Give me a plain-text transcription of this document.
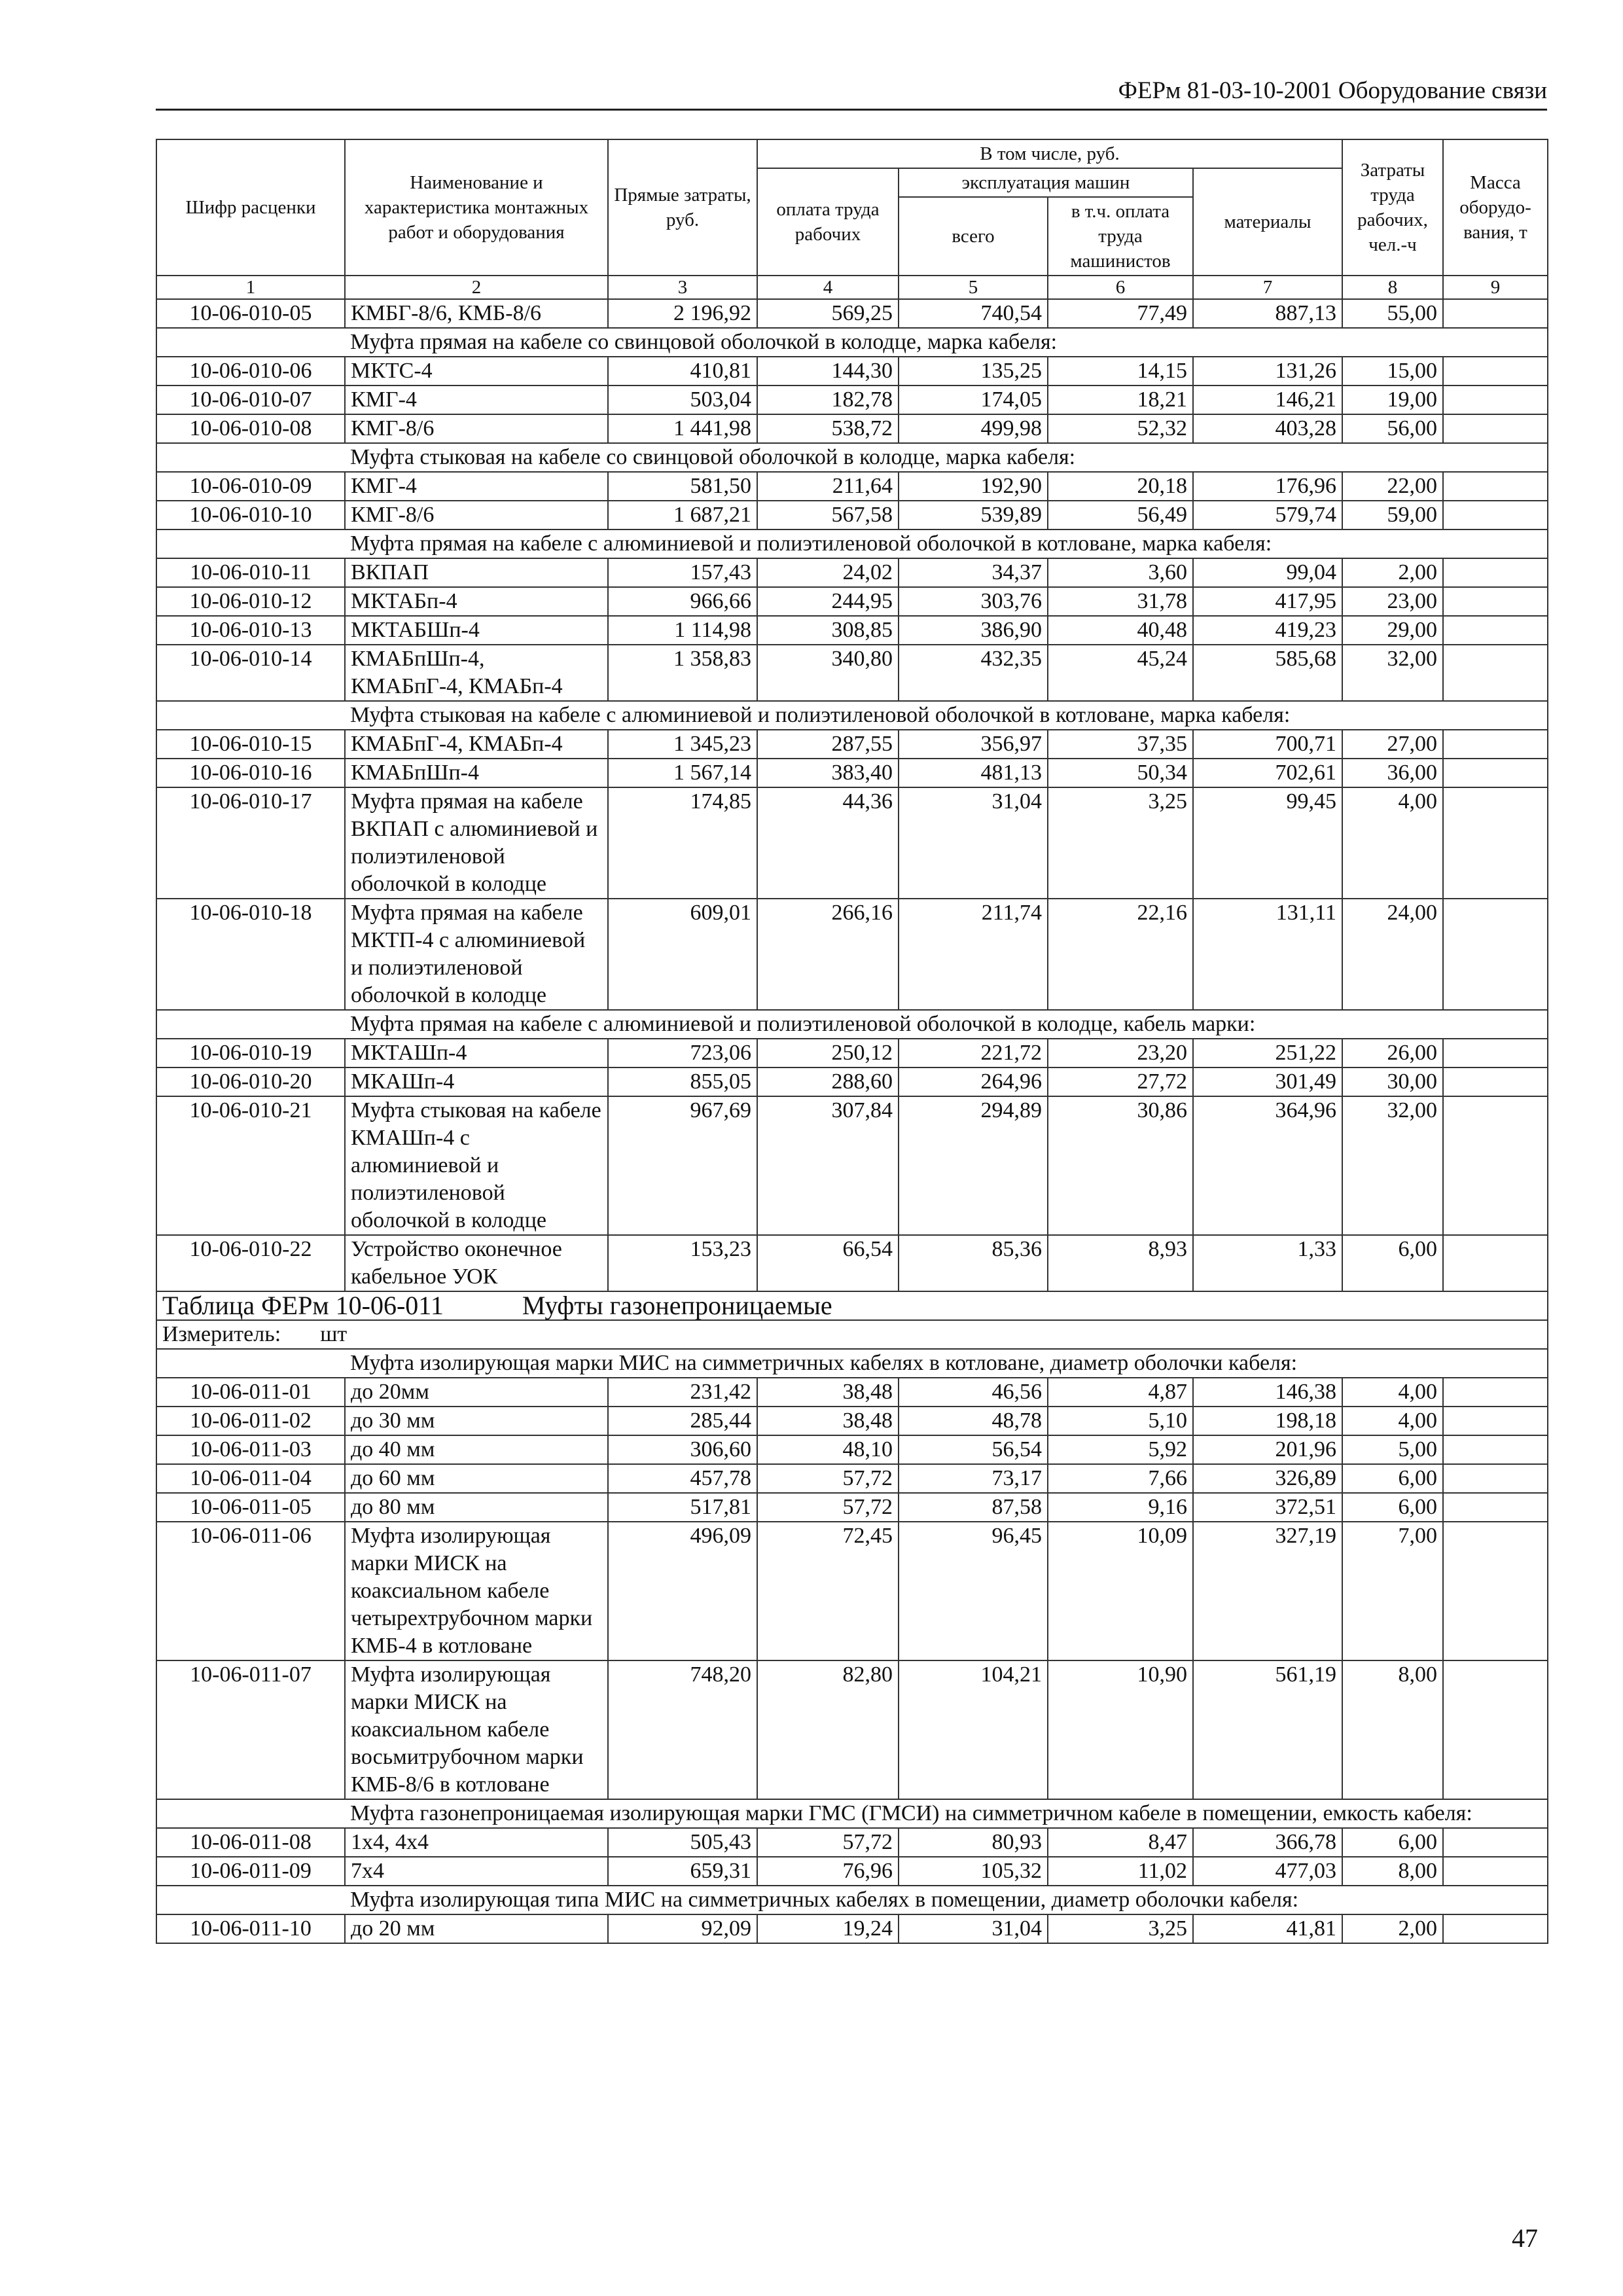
ФЕРм 81-03-10-2001 Оборудование связи
Шифр расценки	Наименование и характеристика монтажных работ и оборудования	Прямые затраты, руб.	В том числе, руб.				Затраты труда рабочих, чел.-ч	Масса оборудо-вания, т
			оплата труда рабочих	эксплуатация машин		материалы		
				всего	в т.ч. оплата труда машинистов			
1	2	3	4	5	6	7	8	9
10-06-010-05	КМБГ-8/6, КМБ-8/6	2 196,92	569,25	740,54	77,49	887,13	55,00	
	Муфта прямая на кабеле со свинцовой оболочкой в колодце, марка кабеля:							
10-06-010-06	МКТС-4	410,81	144,30	135,25	14,15	131,26	15,00	
10-06-010-07	КМГ-4	503,04	182,78	174,05	18,21	146,21	19,00	
10-06-010-08	КМГ-8/6	1 441,98	538,72	499,98	52,32	403,28	56,00	
	Муфта стыковая на кабеле со свинцовой оболочкой в колодце, марка кабеля:							
10-06-010-09	КМГ-4	581,50	211,64	192,90	20,18	176,96	22,00	
10-06-010-10	КМГ-8/6	1 687,21	567,58	539,89	56,49	579,74	59,00	
	Муфта прямая на кабеле с алюминиевой и полиэтиленовой оболочкой в котловане, марка кабеля:							
10-06-010-11	ВКПАП	157,43	24,02	34,37	3,60	99,04	2,00	
10-06-010-12	МКТАБп-4	966,66	244,95	303,76	31,78	417,95	23,00	
10-06-010-13	МКТАБШп-4	1 114,98	308,85	386,90	40,48	419,23	29,00	
10-06-010-14	КМАБпШп-4, КМАБпГ-4, КМАБп-4	1 358,83	340,80	432,35	45,24	585,68	32,00	
	Муфта стыковая на кабеле с алюминиевой и полиэтиленовой оболочкой в котловане, марка кабеля:							
10-06-010-15	КМАБпГ-4, КМАБп-4	1 345,23	287,55	356,97	37,35	700,71	27,00	
10-06-010-16	КМАБпШп-4	1 567,14	383,40	481,13	50,34	702,61	36,00	
10-06-010-17	Муфта прямая на кабеле ВКПАП с алюминиевой и полиэтиленовой оболочкой в колодце	174,85	44,36	31,04	3,25	99,45	4,00	
10-06-010-18	Муфта прямая на кабеле МКТП-4 с алюминиевой и полиэтиленовой оболочкой в колодце	609,01	266,16	211,74	22,16	131,11	24,00	
	Муфта прямая на кабеле с алюминиевой и полиэтиленовой оболочкой в колодце, кабель марки:							
10-06-010-19	МКТАШп-4	723,06	250,12	221,72	23,20	251,22	26,00	
10-06-010-20	МКАШп-4	855,05	288,60	264,96	27,72	301,49	30,00	
10-06-010-21	Муфта стыковая на кабеле КМАШп-4 с алюминиевой и полиэтиленовой оболочкой в колодце	967,69	307,84	294,89	30,86	364,96	32,00	
10-06-010-22	Устройство оконечное кабельное УОК	153,23	66,54	85,36	8,93	1,33	6,00	
Таблица ФЕРм 10-06-011 Муфты газонепроницаемые								
Измеритель: шт								
	Муфта изолирующая марки МИС на симметричных кабелях в котловане, диаметр оболочки кабеля:							
10-06-011-01	до 20мм	231,42	38,48	46,56	4,87	146,38	4,00	
10-06-011-02	до 30 мм	285,44	38,48	48,78	5,10	198,18	4,00	
10-06-011-03	до 40 мм	306,60	48,10	56,54	5,92	201,96	5,00	
10-06-011-04	до 60 мм	457,78	57,72	73,17	7,66	326,89	6,00	
10-06-011-05	до 80 мм	517,81	57,72	87,58	9,16	372,51	6,00	
10-06-011-06	Муфта изолирующая марки МИСК на коаксиальном кабеле четырехтрубочном марки КМБ-4 в котловане	496,09	72,45	96,45	10,09	327,19	7,00	
10-06-011-07	Муфта изолирующая марки МИСК на коаксиальном кабеле восьмитрубочном марки КМБ-8/6 в котловане	748,20	82,80	104,21	10,90	561,19	8,00	
	Муфта газонепроницаемая изолирующая марки ГМС (ГМСИ) на симметричном кабеле в помещении, емкость кабеля:							
10-06-011-08	1х4, 4х4	505,43	57,72	80,93	8,47	366,78	6,00	
10-06-011-09	7х4	659,31	76,96	105,32	11,02	477,03	8,00	
	Муфта изолирующая типа МИС на симметричных кабелях в помещении, диаметр оболочки кабеля:							
10-06-011-10	до 20 мм	92,09	19,24	31,04	3,25	41,81	2,00	
47
